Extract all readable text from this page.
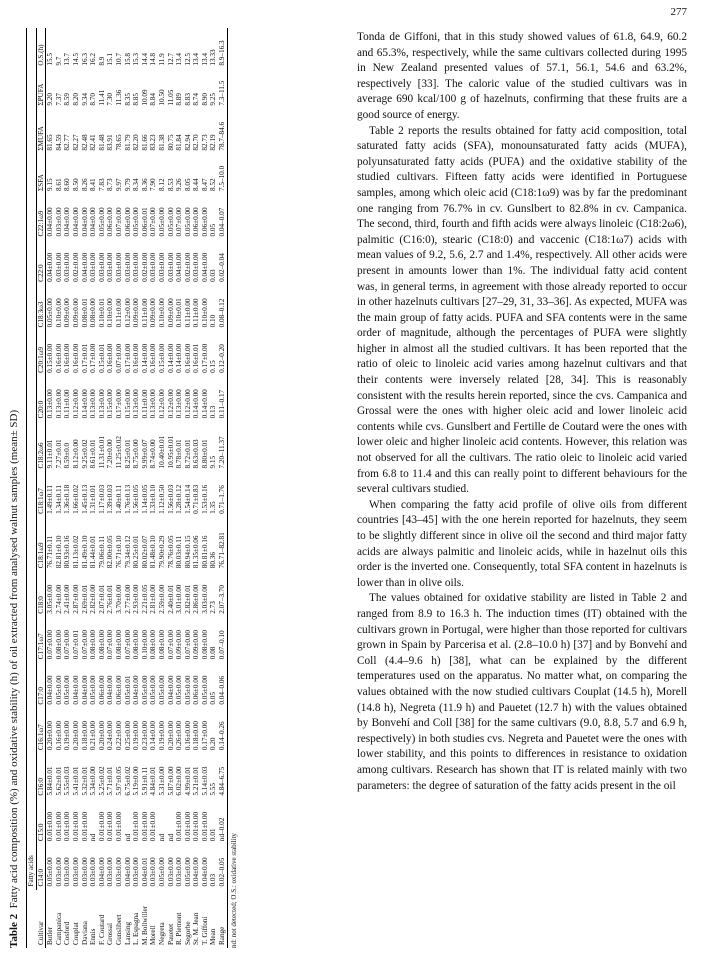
277
Table 2  Fatty acid composition (%) and oxidative stability (h) of oil extracted from analysed walnut samples (mean± SD)
Cultivar	Fatty acids																		
	C14:0	C15:0	C16:0	C16:1ω7	C17:0	C17:1ω7	C18:0	C18:1ω9	C18:1ω7	C18:2ω6	C20:0	C20:1ω9	C18:3ω3	C22:0	C22:1ω9	ΣSFA	ΣMUFA	ΣPUFA	O.S.(h)
Butler	0.05±0.00	0.01±0.00	5.84±0.01	0.20±0.00	0.04±0.00	0.07±0.00	3.05±0.00	76.71±0.11	1.49±0.11	9.11±0.01	0.13±0.00	0.15±0.00	0.05±0.00	0.04±0.00	0.04±0.00	9.15	81.65	9.20	15.5
Campanica	0.03±0.00	0.01±0.00	5.62±0.01	0.16±0.00	0.05±0.00	0.08±0.00	2.74±0.00	82.81±0.10	1.34±0.11	7.27±0.01	0.13±0.00	0.16±0.00	0.10±0.00	0.03±0.00	0.03±0.00	8.61	84.59	7.37	9.7
Cosford	0.03±0.00	0.01±0.00	5.55±0.03	0.19±0.00	0.05±0.00	0.07±0.00	2.41±0.00	80.93±0.16	1.36±0.18	8.59±0.0	0.11±0.00	0.16±0.00	0.09±0.00	0.03±0.00	0.04±0.00	8.60	82.77	8.59	13.7
Couplat	0.03±0.00	0.01±0.00	5.41±0.01	0.20±0.00	0.04±0.00	0.07±0.01	2.87±0.00	81.13±0.02	1.66±0.02	8.12±0.00	0.12±0.00	0.16±0.00	0.09±0.00	0.02±0.00	0.04±0.00	8.50	82.27	8.20	14.5
Daviana	0.03±0.00	0.01±0.00	5.32±0.01	0.18±0.00	0.04±0.00	0.07±0.00	2.69±0.01	81.49±0.10	1.45±0.13	9.25±0.02	0.14±0.00	0.17±0.01	0.08±0.01	0.04±0.00	0.04±0.00	8.26	82.48	9.34	16.3
Ennis	0.03±0.00	nd	5.34±0.00	0.21±0.00	0.05±0.00	0.08±0.00	2.82±0.00	81.44±0.01	1.31±0.01	8.61±0.01	0.13±0.00	0.17±0.00	0.08±0.00	0.03±0.00	0.04±0.00	8.41	82.41	8.70	16.2
F. Coutard	0.04±0.00	0.01±0.00	5.25±0.02	0.20±0.00	0.06±0.00	0.08±0.00	2.07±0.01	79.06±0.11	1.17±0.03	11.31±0.01	0.13±0.00	0.15±0.01	0.10±0.01	0.03±0.00	0.05±0.00	7.83	81.48	11.41	8.9
Grossal	0.03±0.00	0.01±0.00	5.71±0.01	0.24±0.00	0.04±0.00	0.07±0.00	2.76±0.01	82.00±0.05	1.39±0.03	7.20±0.00	0.15±0.00	0.16±0.00	0.10±0.00	0.03±0.00	0.06±0.00	8.73	83.91	7.30	15.1
Gunslibert	0.03±0.00	0.01±0.00	5.97±0.05	0.22±0.00	0.06±0.00	0.08±0.00	3.70±0.00	76.71±0.10	1.40±0.11	11.25±0.02	0.17±0.00	0.07±0.00	0.11±0.00	0.03±0.00	0.07±0.00	9.97	78.65	11.36	10.7
Lansing	0.04±0.00	nd	6.75±0.02	0.25±0.00	0.05±0.01	0.07±0.00	2.77±0.00	79.34±0.12	1.76±0.13	8.25±0.01	0.15±0.00	0.17±0.00	0.12±0.00	0.03±0.00	0.06±0.00	9.79	81.79	8.35	15.8
L. Espagna	0.03±0.00	0.01±0.00	5.19±0.00	0.19±0.00	0.04±0.00	0.08±0.00	2.93±0.00	80.25±0.01	1.56±0.05	8.75±0.00	0.13±0.00	0.16±0.00	0.09±0.00	0.03±0.00	0.05±0.00	8.34	82.20	8.85	15.3
M. Bollwiller	0.04±0.01	0.01±0.00	5.91±0.11	0.23±0.00	0.05±0.00	0.10±0.00	2.21±0.05	80.02±0.07	1.14±0.05	9.99±0.07	0.11±0.00	0.14±0.00	0.11±0.00	0.02±0.00	0.06±0.01	8.36	81.66	10.09	14.4
Morell	0.03±0.00	0.01±0.00	4.84±0.01	0.14±0.00	0.05±0.00	0.08±0.00	2.81±0.00	81.48±0.10	1.33±0.10	8.74±0.00	0.13±0.00	0.16±0.00	0.09±0.00	0.03±0.00	0.07±0.00	7.90	83.23	8.84	14.8
Negreta	0.05±0.00	nd	5.31±0.00	0.19±0.00	0.05±0.00	0.08±0.00	2.59±0.00	79.90±0.29	1.12±0.50	10.40±0.01	0.12±0.00	0.15±0.00	0.10±0.00	0.03±0.00	0.05±0.00	8.12	81.38	10.50	11.9
Pauetet	0.03±0.00	nd	5.87±0.00	0.20±0.00	0.04±0.00	0.07±0.00	2.40±0.01	78.76±0.05	1.56±0.03	10.95±0.01	0.12±0.00	0.14±0.00	0.09±0.00	0.03±0.00	0.05±0.00	8.53	80.75	11.05	12.7
R. Piemont	0.03±0.00	0.01±0.00	6.02±0.00	0.26±0.00	0.05±0.00	0.09±0.00	3.01±0.00	80.03±0.11	1.28±0.12	8.78±0.01	0.13±0.00	0.14±0.00	0.10±0.01	0.04±0.00	0.07±0.00	9.26	81.84	8.89	13.4
Segorbe	0.05±0.00	0.01±0.00	4.99±0.01	0.16±0.00	0.05±0.00	0.07±0.00	2.82±0.01	80.94±0.15	1.54±0.14	8.72±0.01	0.12±0.00	0.16±0.00	0.11±0.00	0.02±0.00	0.05±0.00	8.05	82.94	8.83	12.5
St. M. Jean	0.04±0.00	0.01±0.00	5.21±0.01	0.18±0.00	0.06±0.00	0.09±0.00	2.86±0.00	81.35±0.06	0.71±0.83	8.63±0.03	0.14±0.00	0.16±0.01	0.11±0.00	0.03±0.00	0.06±0.00	8.44	82.70	8.74	13.4
T. Giffoni	0.04±0.00	0.01±0.00	5.14±0.03	0.17±0.00	0.05±0.00	0.08±0.00	3.03±0.00	80.81±0.16	1.53±0.16	8.80±0.01	0.14±0.00	0.17±0.00	0.10±0.00	0.04±0.00	0.06±0.00	8.47	82.73	8.90	13.4
Mean	0.03	0.01	5.55	0.20	0.05	0.08	2.73	80.36	1.35	9.15	0.13	0.15	0.10	0.03	0.05	8.52	82.19	9.25	13.33
Range	0.02–0.05	nd–0.02	4.84–6.75	0.14–0.26	0.04–0.06	0.07–0.10	2.07–3.70	76.71–82.81	0.71–1.76	7.20–11.37	0.11–0.17	0.12–0.20	0.08–0.12	0.02–0.04	0.04–0.07	7.5–10.0	78.7–84.6	7.3–11.5	8.9–16.3
nd: not detected; O.S.: oxidative stability

Tonda de Giffoni, that in this study showed values of 61.8, 64.9, 60.2 and 65.3%, respectively, while the same cultivars collected during 1995 in New Zealand presented values of 57.1, 56.1, 54.6 and 63.2%, respectively [33]. The caloric value of the studied cultivars was in average 690 kcal/100 g of hazelnuts, confirming that these fruits are a good source of energy.

Table 2 reports the results obtained for fatty acid composition, total saturated fatty acids (SFA), monounsaturated fatty acids (MUFA), polyunsaturated fatty acids (PUFA) and the oxidative stability of the studied cultivars. Fifteen fatty acids were identified in Portuguese samples, among which oleic acid (C18:1ω9) was by far the predominant one ranging from 76.7% in cv. Gunslbert to 82.8% in cv. Campanica. The second, third, fourth and fifth acids were always linoleic (C18:2ω6), palmitic (C16:0), stearic (C18:0) and vaccenic (C18:1ω7) acids with mean values of 9.2, 5.6, 2.7 and 1.4%, respectively. All other acids were present in amounts lower than 1%. The individual fatty acid content was, in general terms, in agreement with those already reported to occur in other hazelnuts cultivars [27–29, 31, 33–36]. As expected, MUFA was the main group of fatty acids. PUFA and SFA contents were in the same order of magnitude, although the percentages of PUFA were slightly higher in almost all the studied cultivars. It has been reported that the ratio of oleic to linoleic acid varies among hazelnut cultivars and that their contents were inversely related [28, 34]. This is reasonably consistent with the results herein reported, since the cvs. Campanica and Grossal were the ones with higher oleic acid and lower linoleic acid contents while cvs. Gunslbert and Fertille de Coutard were the ones with lower oleic and higher linoleic acid contents. However, this relation was not observed for all the cultivars. The ratio oleic to linoleic acid varied from 6.8 to 11.4 and this can really point to different behaviours for the several cultivars studied.

When comparing the fatty acid profile of olive oils from different countries [43–45] with the one herein reported for hazelnuts, they seem to be slightly different since in olive oil the second and third major fatty acids are always palmitic and linoleic acids, while in hazelnut oils this order is the inverted one. Consequently, total SFA content in hazelnuts is lower than in olive oils.

The values obtained for oxidative stability are listed in Table 2 and ranged from 8.9 to 16.3 h. The induction times (IT) obtained with the cultivars grown in Portugal, were higher than those reported for cultivars grown in Spain by Parcerisa et al. (2.8–10.0 h) [37] and by Bonvehí and Coll (4.4–9.6 h) [38], what can be explained by the different temperatures used on the apparatus. No matter what, on comparing the values obtained with the now studied cultivars Couplat (14.5 h), Morell (14.8 h), Negreta (11.9 h) and Pauetet (12.7 h) with the values obtained by Bonvehí and Coll [38] for the same cultivars (9.0, 8.8, 5.7 and 6.9 h, respectively) in both studies cvs. Negreta and Pauetet were the ones with lower stability, and this points to differences in resistance to oxidation among cultivars. Research has shown that IT is related mainly with two parameters: the degree of saturation of the fatty acids present in the oil
